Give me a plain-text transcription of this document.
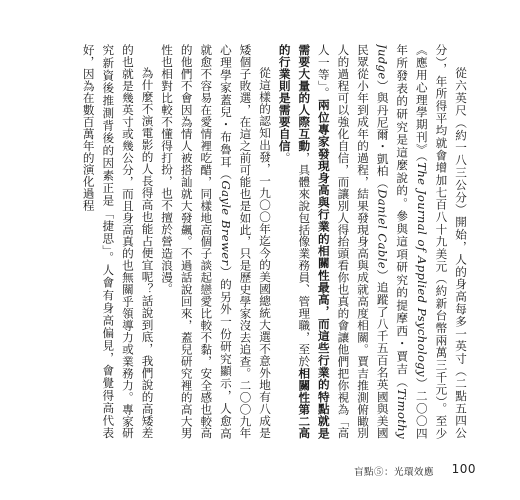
從六英尺（約一八三公分）開始，人的身高每多一英寸（二點五四公分），年所得平均就會增加七百八十九美元（約新台幣兩萬三千元）。至少《應用心理學期刊》（The Journal of Applied Psychology）二〇〇四年所發表的研究是這麼說的。參與這項研究的提摩西・賈吉（Timothy Judge）與丹尼爾・凱柏（Daniel Cable）追蹤了八千五百名英國與美國民眾從小年到成年的過程，結果發現身高與成就高度相關。賈吉推測俯瞰別人的過程可以強化自信，而讓別人得抬頭看你也真的會讓他們把你視為「高人一等」。兩位專家發現身高與行業的相關性最高，而這些行業的特點就是需要大量的人際互動，具體來說包括像業務員、管理職，至於相關性第二高的行業則是需要自信。

從這樣的認知出發，一九〇〇年迄今的美國總統大選不意外地有八成是矮個子敗選，在這之前可能也是如此，只是歷史學家沒去追查。二〇〇九年心理學家蓋兒・布魯耳（Gayle Brewer）的另外一份研究顯示，人愈高就愈不容易在愛情裡吃醋，同樣地高個子談起戀愛比較不黏，安全感也較高的他們不會因為情人被搭訕就大發飆。不過話說回來，蓋兒研究裡的高大男性也相對比較不懂得打扮，也不擅於營造浪漫。

為什麼不演電影的人長得高也能占便宜呢？話說到底，我們說的高矮差的也就是幾英寸或幾公分，而且身高真的也無關乎領導力或業務力。專家研究新資後推測背後的因素正是「捷思」。人會有身高偏見，會覺得高代表好，因為在數百萬年的演化過程

盲點⑤：光環效應 100
